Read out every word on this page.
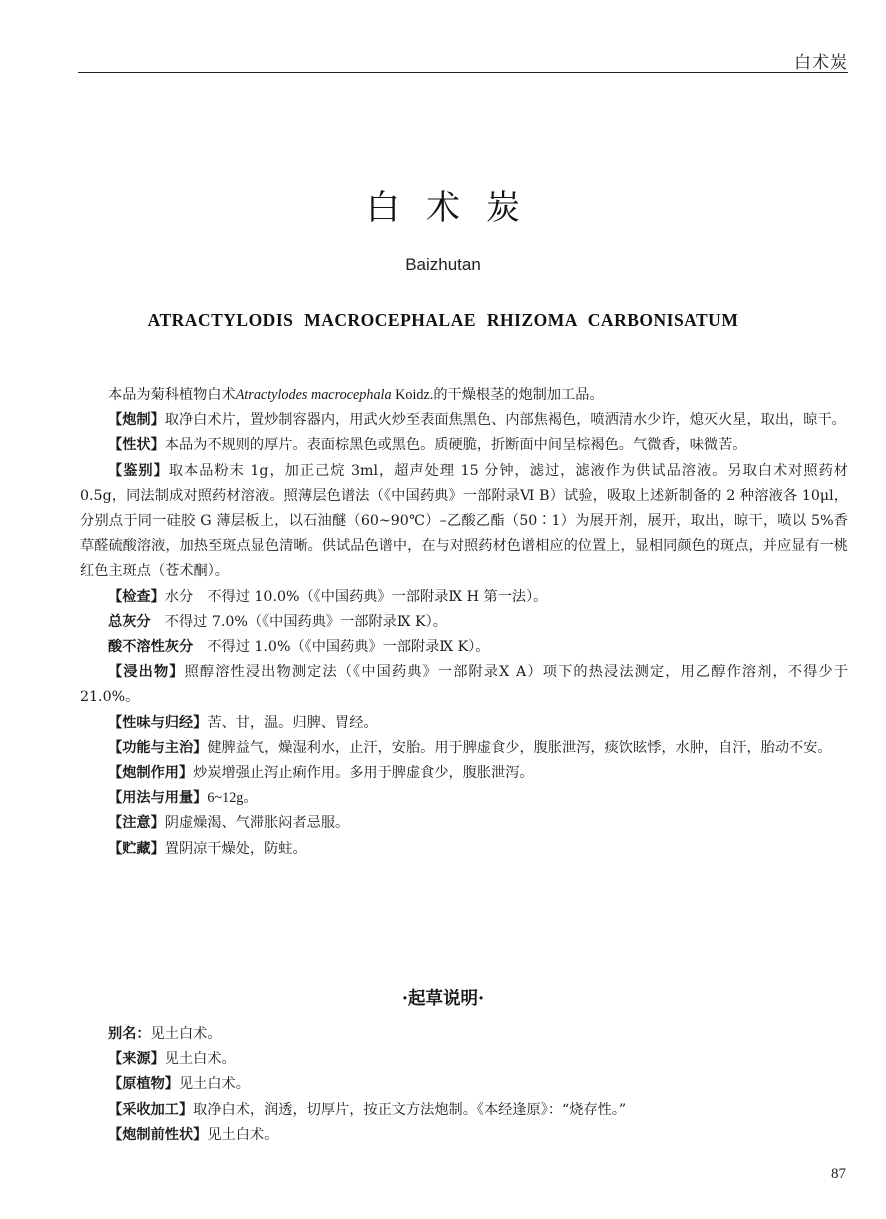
白术炭
白术炭
Baizhutan
ATRACTYLODIS MACROCEPHALAE RHIZOMA CARBONISATUM

本品为菊科植物白术Atractylodes macrocephala Koidz.的干燥根茎的炮制加工品。

【炮制】取净白术片，置炒制容器内，用武火炒至表面焦黑色、内部焦褐色，喷洒清水少许，熄灭火星，取出，晾干。

【性状】本品为不规则的厚片。表面棕黑色或黑色。质硬脆，折断面中间呈棕褐色。气微香，味微苦。

【鉴别】取本品粉末 1g，加正己烷 3ml，超声处理 15 分钟，滤过，滤液作为供试品溶液。另取白术对照药材 0.5g，同法制成对照药材溶液。照薄层色谱法（《中国药典》一部附录Ⅵ B）试验，吸取上述新制备的 2 种溶液各 10μl，分别点于同一硅胶 G 薄层板上，以石油醚（60~90℃）–乙酸乙酯（50∶1）为展开剂，展开，取出，晾干，喷以 5%香草醛硫酸溶液，加热至斑点显色清晰。供试品色谱中，在与对照药材色谱相应的位置上，显相同颜色的斑点，并应显有一桃红色主斑点（苍术酮）。

【检查】水分　不得过 10.0%（《中国药典》一部附录Ⅸ H 第一法）。

总灰分　不得过 7.0%（《中国药典》一部附录Ⅸ K）。

酸不溶性灰分　不得过 1.0%（《中国药典》一部附录Ⅸ K）。

【浸出物】照醇溶性浸出物测定法（《中国药典》一部附录Ⅹ A）项下的热浸法测定，用乙醇作溶剂，不得少于 21.0%。

【性味与归经】苦、甘，温。归脾、胃经。

【功能与主治】健脾益气，燥湿利水，止汗，安胎。用于脾虚食少，腹胀泄泻，痰饮眩悸，水肿，自汗，胎动不安。

【炮制作用】炒炭增强止泻止痢作用。多用于脾虚食少，腹胀泄泻。

【用法与用量】6~12g。

【注意】阴虚燥渴、气滞胀闷者忌服。

【贮藏】置阴凉干燥处，防蛀。

·起草说明·

别名：见土白术。

【来源】见土白术。

【原植物】见土白术。

【采收加工】取净白术，润透，切厚片，按正文方法炮制。《本经逢原》：“烧存性。”

【炮制前性状】见土白术。

87
